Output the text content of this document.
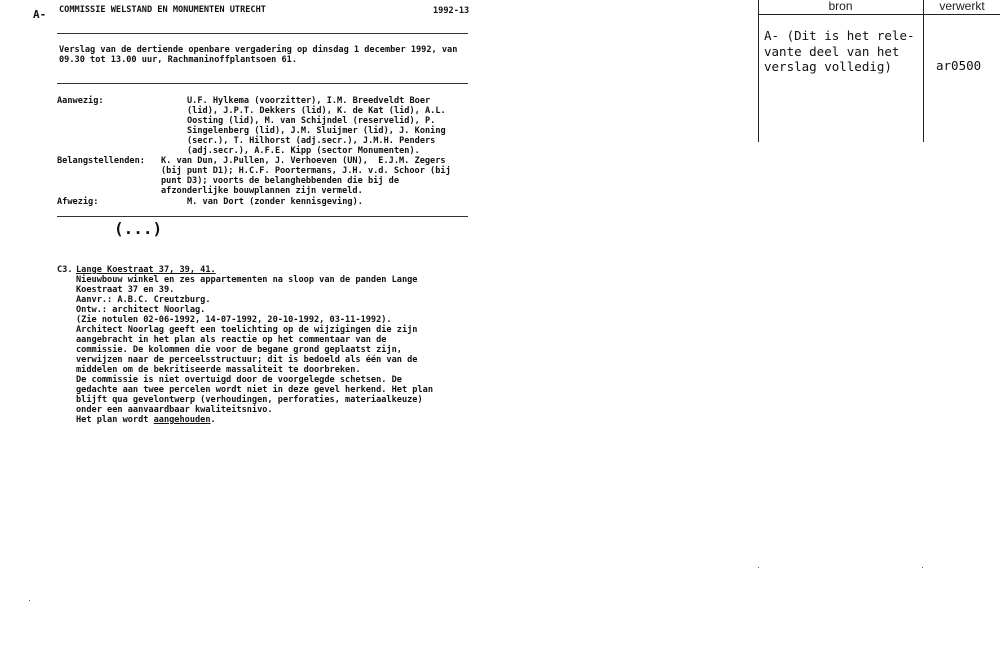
A- COMMISSIE WELSTAND EN MONUMENTEN UTRECHT	1992-13
Verslag van de dertiende openbare vergadering op dinsdag 1 december 1992, van
09.30 tot 13.00 uur, Rachmaninoffplantsoen 61.
Aanwezig:	U.F. Hylkema (voorzitter), I.M. Breedveldt Boer
(lid), J.P.T. Dekkers (lid), K. de Kat (lid), A.L.
Oosting (lid), M. van Schijndel (reservelid), P.
Singelenberg (lid), J.M. Sluijmer (lid), J. Koning
(secr.), T. Hilhorst (adj.secr.), J.M.H. Penders
(adj.secr.), A.F.E. Kipp (sector Monumenten).
Belangstellenden: K. van Dun, J.Pullen, J. Verhoeven (UN),  E.J.M. Zegers
(bij punt D1); H.C.F. Poortermans, J.H. v.d. Schoor (bij
punt D3); voorts de belanghebbenden die bij de
afzonderlijke bouwplannen zijn vermeld.
Afwezig:	M. van Dort (zonder kennisgeving).
(...)
C3. Lange Koestraat 37, 39, 41.
Nieuwbouw winkel en zes appartementen na sloop van de panden Lange
Koestraat 37 en 39.
Aanvr.: A.B.C. Creutzburg.
Ontw.: architect Noorlag.
(Zie notulen 02-06-1992, 14-07-1992, 20-10-1992, 03-11-1992).
Architect Noorlag geeft een toelichting op de wijzigingen die zijn
aangebracht in het plan als reactie op het commentaar van de
commissie. De kolommen die voor de begane grond geplaatst zijn,
verwijzen naar de perceelsstructuur; dit is bedoeld als één van de
middelen om de bekritiseerde massaliteit te doorbreken.
De commissie is niet overtuigd door de voorgelegde schetsen. De
gedachte aan twee percelen wordt niet in deze gevel herkend. Het plan
blijft qua gevelontwerp (verhoudingen, perforaties, materiaalkeuze)
onder een aanvaardbaar kwaliteitsnivo.
Het plan wordt aangehouden.
bron	verwerkt
A- (Dit is het rele-
vante deel van het
verslag volledig)	ar0500
